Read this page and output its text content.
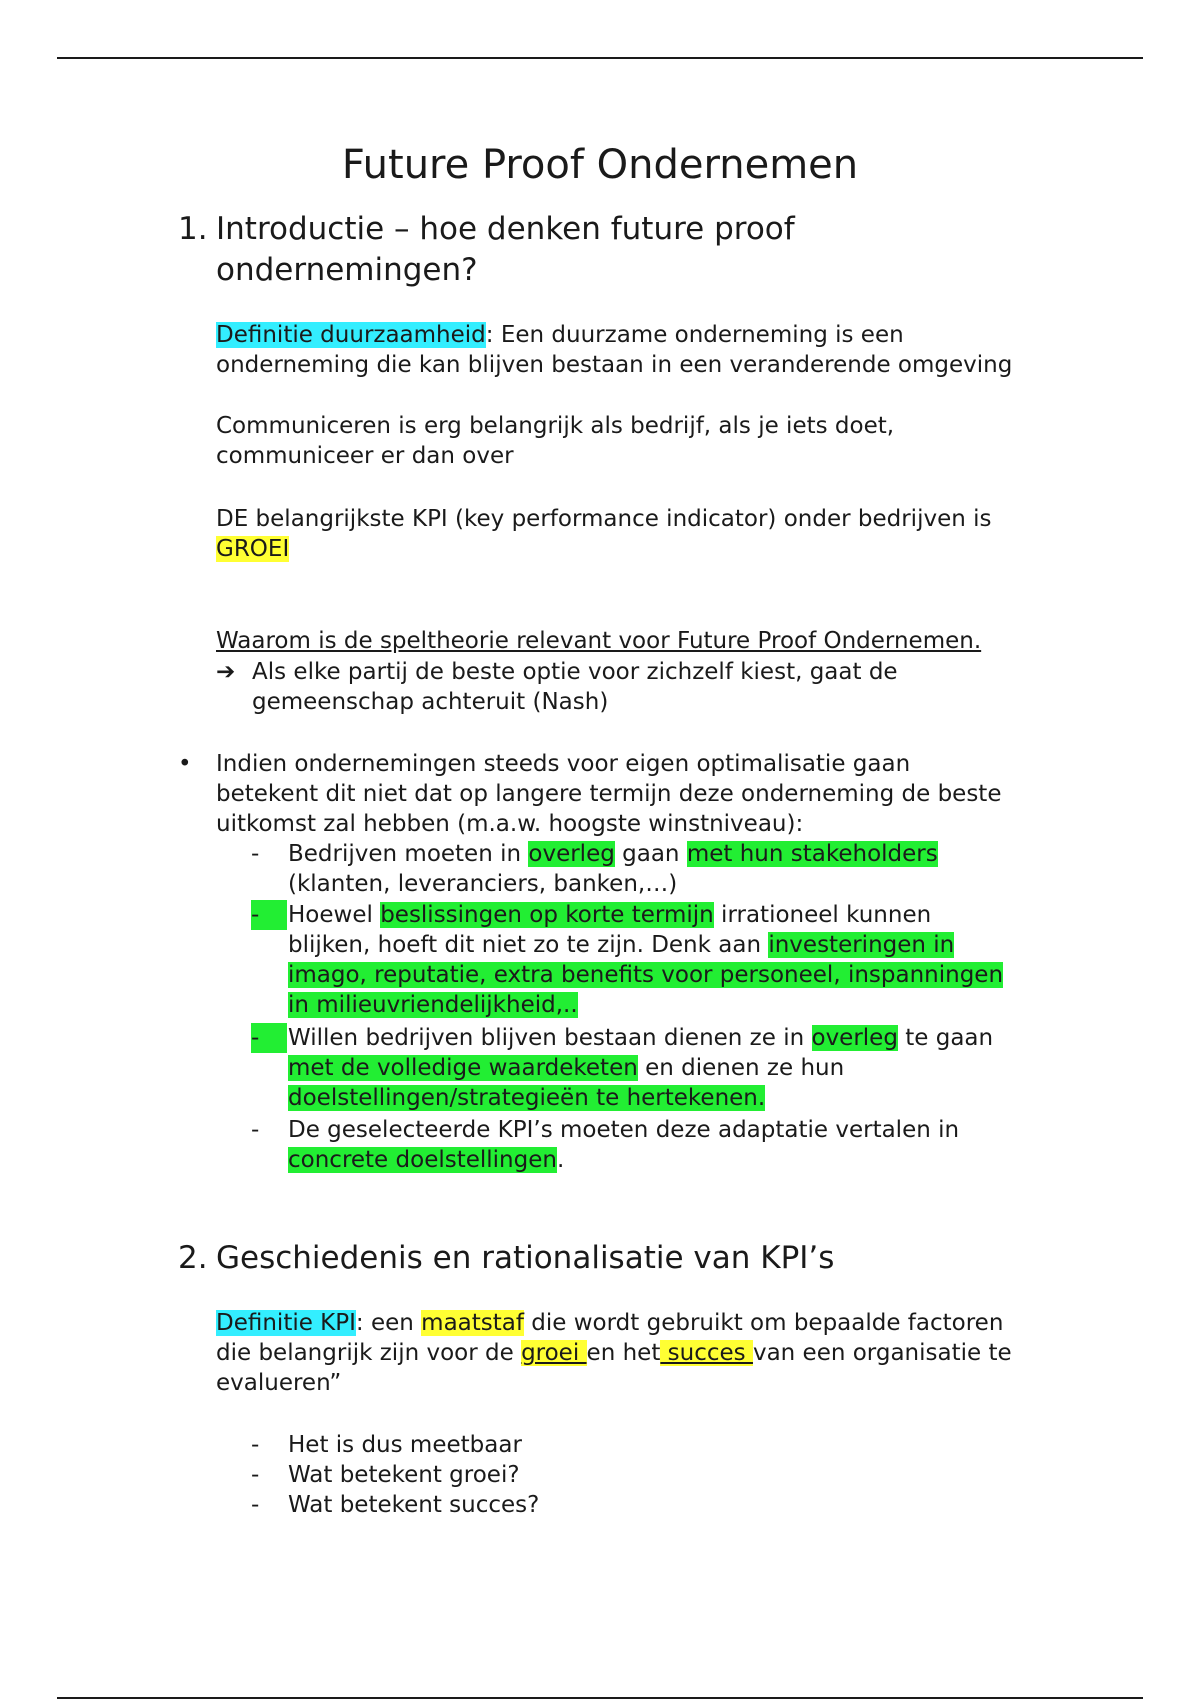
Future Proof Ondernemen
1. Introductie – hoe denken future proof
ondernemingen?
Definitie duurzaamheid: Een duurzame onderneming is een
onderneming die kan blijven bestaan in een veranderende omgeving
Communiceren is erg belangrijk als bedrijf, als je iets doet,
communiceer er dan over
DE belangrijkste KPI (key performance indicator) onder bedrijven is
GROEI
Waarom is de speltheorie relevant voor Future Proof Ondernemen.
➔ Als elke partij de beste optie voor zichzelf kiest, gaat de
gemeenschap achteruit (Nash)
• Indien ondernemingen steeds voor eigen optimalisatie gaan
betekent dit niet dat op langere termijn deze onderneming de beste
uitkomst zal hebben (m.a.w. hoogste winstniveau):
-	Bedrijven moeten in overleg gaan met hun stakeholders
(klanten, leveranciers, banken,…)
-	Hoewel beslissingen op korte termijn irrationeel kunnen
blijken, hoeft dit niet zo te zijn. Denk aan investeringen in
imago, reputatie, extra benefits voor personeel, inspanningen
in milieuvriendelijkheid,..
-	Willen bedrijven blijven bestaan dienen ze in overleg te gaan
met de volledige waardeketen en dienen ze hun
doelstellingen/strategieën te hertekenen.
-	De geselecteerde KPI’s moeten deze adaptatie vertalen in
concrete doelstellingen.
2. Geschiedenis en rationalisatie van KPI’s
Definitie KPI: een maatstaf die wordt gebruikt om bepaalde factoren
die belangrijk zijn voor de groei en het succes van een organisatie te
evalueren”
-	Het is dus meetbaar
-	Wat betekent groei?
-	Wat betekent succes?
